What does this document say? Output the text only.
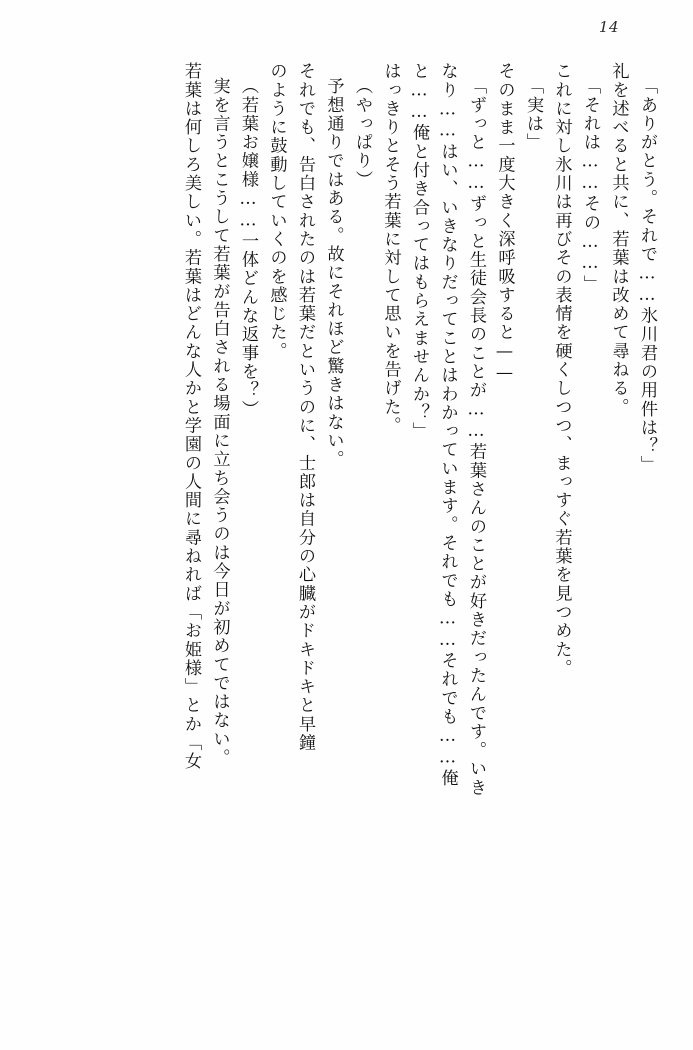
14
「ありがとう。それで……氷川君の用件は？」
礼を述べると共に、若葉は改めて尋ねる。
「それは……その……」
これに対し氷川は再びその表情を硬くしつつ、まっすぐ若葉を見つめた。
「実は」
そのまま一度大きく深呼吸すると——
「ずっと……ずっと生徒会長のことが……若葉さんのことが好きだったんです。いき
なり……はい、いきなりだってことはわかっています。それでも……それでも……俺
と……俺と付き合ってはもらえませんか？」
はっきりとそう若葉に対して思いを告げた。
（やっぱり）
予想通りではある。故にそれほど驚きはない。
それでも、告白されたのは若葉だというのに、士郎は自分の心臓がドキドキと早鐘
のように鼓動していくのを感じた。
（若葉お嬢様……一体どんな返事を？）
実を言うとこうして若葉が告白される場面に立ち会うのは今日が初めてではない。
若葉は何しろ美しい。若葉はどんな人かと学園の人間に尋ねれば「お姫様」とか「女
